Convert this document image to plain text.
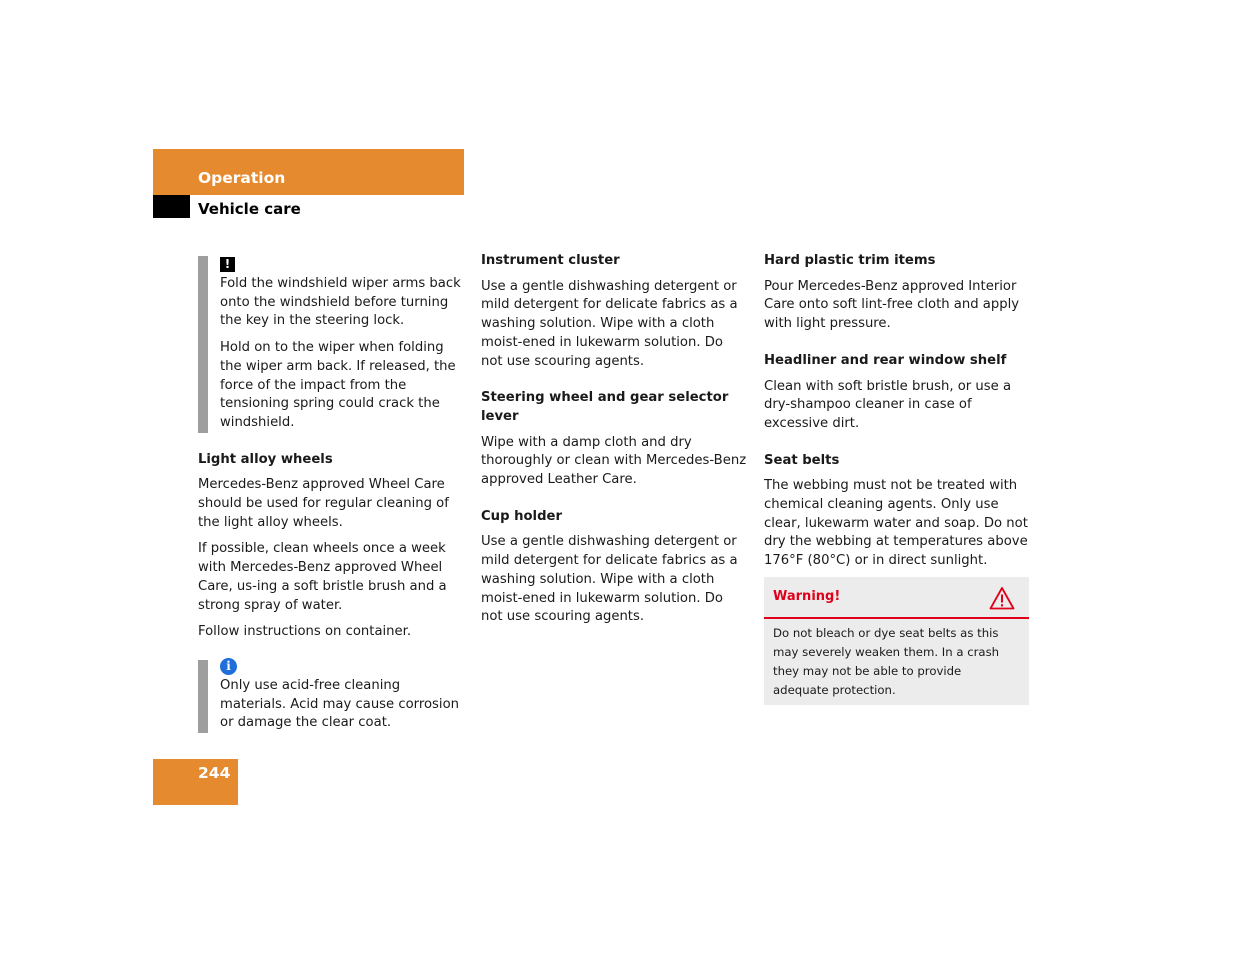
Operation
Vehicle care
!

Fold the windshield wiper arms back onto the windshield before turning the key in the steering lock.

Hold on to the wiper when folding the wiper arm back. If released, the force of the impact from the tensioning spring could crack the windshield.

Light alloy wheels

Mercedes-Benz approved Wheel Care should be used for regular cleaning of the light alloy wheels.

If possible, clean wheels once a week with Mercedes-Benz approved Wheel Care, us-ing a soft bristle brush and a strong spray of water.

Follow instructions on container.

i

Only use acid-free cleaning materials. Acid may cause corrosion or damage the clear coat.

Instrument cluster

Use a gentle dishwashing detergent or mild detergent for delicate fabrics as a washing solution. Wipe with a cloth moist-ened in lukewarm solution. Do not use scouring agents.

Steering wheel and gear selector lever

Wipe with a damp cloth and dry thoroughly or clean with Mercedes-Benz approved Leather Care.

Cup holder

Use a gentle dishwashing detergent or mild detergent for delicate fabrics as a washing solution. Wipe with a cloth moist-ened in lukewarm solution. Do not use scouring agents.

Hard plastic trim items

Pour Mercedes-Benz approved Interior Care onto soft lint-free cloth and apply with light pressure.

Headliner and rear window shelf

Clean with soft bristle brush, or use a dry-shampoo cleaner in case of excessive dirt.

Seat belts

The webbing must not be treated with chemical cleaning agents. Only use clear, lukewarm water and soap. Do not dry the webbing at temperatures above 176°F (80°C) or in direct sunlight.

Warning!
Do not bleach or dye seat belts as this may severely weaken them. In a crash they may not be able to provide adequate protection.
244
